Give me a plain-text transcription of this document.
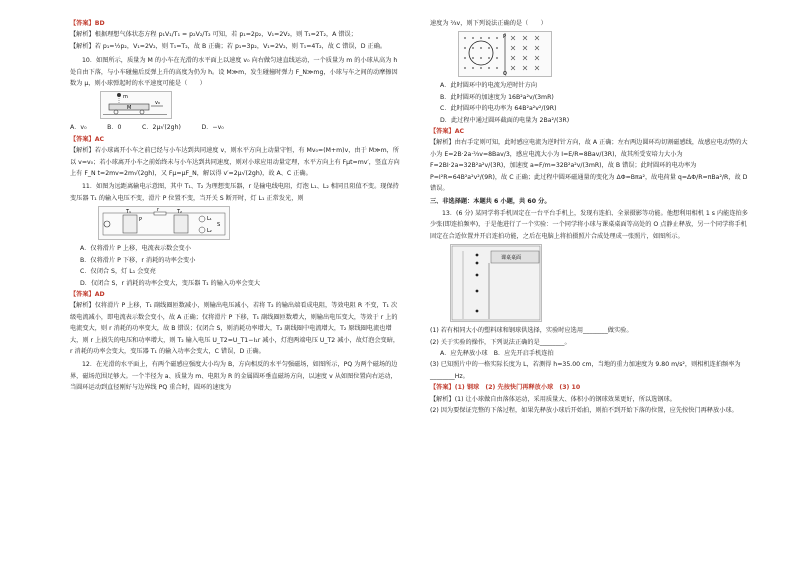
【答案】BD

【解析】根据理想气体状态方程 p₁V₁/T₁ = p₂V₂/T₂ 可知，若 p₁=2p₂，V₁=2V₂，则 T₁=2T₂，A 错误；

【解析】若 p₁=½p₂，V₁=2V₂，则 T₁=T₂，故 B 正确；若 p₁=3p₂，V₁=2V₂，则 T₁=4T₂，故 C 错误，D 正确。

10．如图所示，质量为 M 的小车在光滑的水平面上以速度 v₀ 向右做匀速直线运动，一个质量为 m 的小球从高为 h 处自由下落，与小车碰撞后反弹上升的高度为仍为 h。设 M≫m，发生碰撞时弹力 F_N≫mg，小球与车之间的动摩擦因数为 μ，则小球弹起时的水平速度可能是（　　）

m
M
v₀

A．v₀　　　	B．0　　　	C．2μ√(2gh)　　　	D．−v₀

【答案】AC

【解析】若小球离开小车之前已经与小车达到共同速度 v，则水平方向上动量守恒，有 Mv₀=(M+m)v，由于 M≫m，所以 v=v₀；若小球离开小车之前始终未与小车达到共同速度，则对小球应用动量定理，水平方向上有 Fμt=mv′，竖直方向上有 F_N t=2mv=2m√(2gh)，又 Fμ=μF_N，解以得 v′=2μ√(2gh)，故 A、C 正确。

11．如图为远距离输电示意图，其中 T₁、T₂ 为理想变压器，r 是输电线电阻，灯泡 L₁、L₂ 相同且阻值不变。现保持变压器 T₁ 的输入电压不变，滑片 P 位置不变，当开关 S 断开时，灯 L₁ 正常发光，则

T₁
P
r	T₂
L₁
L₂
S

A．仅将滑片 P 上移，电流表示数会变小

B．仅将滑片 P 下移，r 消耗的功率会变小

C．仅闭合 S，灯 L₁ 会变亮

D．仅闭合 S，r 消耗的功率会变大，变压器 T₁ 的输入功率会变大

【答案】AD

【解析】仅将滑片 P 上移，T₁ 副线圈匝数减小，则输出电压减小，若将 T₂ 的输出端看成电阻，等效电阻 R 不变，T₁ 次级电流减小，即电流表示数会变小，故 A 正确；仅将滑片 P 下移，T₁ 副线圈匝数增大，则输出电压变大，等效于 r 上的电流变大，则 r 消耗的功率变大，故 B 错误；仅闭合 S，则消耗功率增大，T₂ 副线圈中电流增大，T₂ 原线圈电流也增大，则 r 上损失的电压和功率增大，则 T₂ 输入电压 U_T2=U_T1−I₁r 减小，灯泡两端电压 U_T2 减小，故灯泡会变暗，r 消耗的功率会变大，变压器 T₁ 的输入功率会变大，C 错误，D 正确。

12．在光滑的水平面上，有两个磁感应强度大小均为 B，方向相反的水平匀强磁场，如图所示，PQ 为两个磁场的边界，磁场范围足够大。一个半径为 a、质量为 m、电阻为 R 的金属圆环垂直磁场方向，以速度 v 从如图位置向右运动，当圆环运动到直径刚好与边界线 PQ 重合时，圆环的速度为

速度为 ⅔v，则下列说法正确的是（　　）

P
Q

A．此时圆环中的电流为逆时针方向

B．此时圆环的加速度为 16B²a²v/(3mR)

C．此时圆环中的电功率为 64B²a²v²/(9R)

D．此过程中通过圆环截面的电量为 2Ba²/(3R)

【答案】AC

【解析】由右手定则可知，此时感应电流为逆时针方向，故 A 正确；左右两边圆环均切割磁感线，故感应电动势的大小为 E=2B·2a·⅔v=8Bav/3，感应电流大小为 I=E/R=8Bav/(3R)，故其所受安培力大小为 F=2BI·2a=32B²a²v/(3R)，加速度 a=F/m=32B²a²v/(3mR)，故 B 错误；此时圆环的电功率为 P=I²R=64B²a²v²/(9R)，故 C 正确；此过程中圆环磁通量的变化为 ΔΦ=Bπa²，故电荷量 q=ΔΦ/R=πBa²/R，故 D 错误。

三、非选择题：本题共 6 小题，共 60 分。

13．(6 分) 某同学将手机固定在一台平台手机上，发现有连拍、全景摄影等功能。他想利用相机 1 s 内能连拍多少张(即连拍频率)，于是他进行了一个实验：一个同学将小球与课桌桌面等高处的 O 点静止释放，另一个同学将手机固定在合适位置并开启连拍功能，之后在电脑上将拍摄照片合成处理成一张照片，如图所示。

课桌桌面

(1) 若有相同大小的塑料球和钢球供选择，实验时应选用________做实验。

(2) 关于实验的操作，下列说法正确的是________。

A．应先释放小球　B．应先开启手机连拍

(3) 已知照片中的一格实际长度为 L，若测得 h=35.00 cm，当地的重力加速度为 9.80 m/s²，则相机连拍频率为________Hz。

【答案】(1) 钢球　(2) 先按快门再释放小球　(3) 10

【解析】(1) 让小球做自由落体运动，采用质量大、体积小的钢球效果更好，所以选钢球。

(2) 因为要保证完整的下落过程，如果先释放小球后开始拍，则拍不到开始下落的位置，应先按快门再释放小球。
